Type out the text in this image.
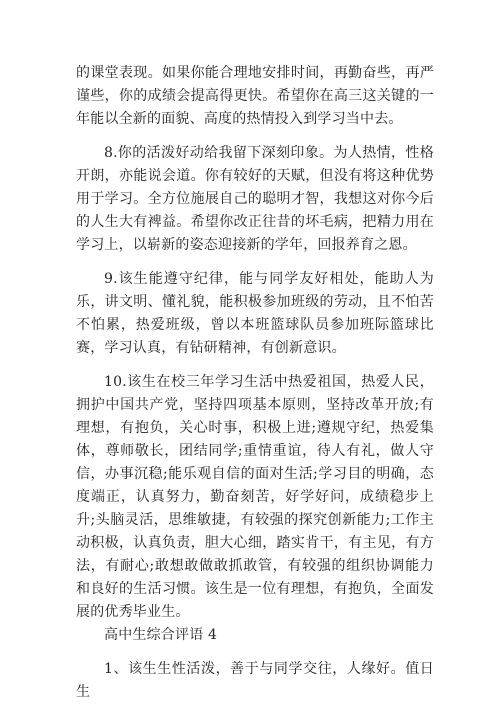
的课堂表现。如果你能合理地安排时间，再勤奋些，再严谨些，你的成绩会提高得更快。希望你在高三这关键的一年能以全新的面貌、高度的热情投入到学习当中去。

8.你的活泼好动给我留下深刻印象。为人热情，性格开朗，亦能说会道。你有较好的天赋，但没有将这种优势用于学习。全方位施展自己的聪明才智，我想这对你今后的人生大有裨益。希望你改正往昔的坏毛病，把精力用在学习上，以崭新的姿态迎接新的学年，回报养育之恩。

9.该生能遵守纪律，能与同学友好相处，能助人为乐，讲文明、懂礼貌，能积极参加班级的劳动，且不怕苦不怕累，热爱班级，曾以本班篮球队员参加班际篮球比赛，学习认真，有钻研精神，有创新意识。

10.该生在校三年学习生活中热爱祖国，热爱人民，拥护中国共产党，坚持四项基本原则，坚持改革开放;有理想，有抱负，关心时事，积极上进;遵规守纪，热爱集体，尊师敬长，团结同学;重情重谊，待人有礼，做人守信，办事沉稳;能乐观自信的面对生活;学习目的明确，态度端正，认真努力，勤奋刻苦，好学好问，成绩稳步上升;头脑灵活，思维敏捷，有较强的探究创新能力;工作主动积极，认真负责，胆大心细，踏实肯干，有主见，有方法，有耐心;敢想敢做敢抓敢管，有较强的组织协调能力和良好的生活习惯。该生是一位有理想，有抱负，全面发展的优秀毕业生。

高中生综合评语 4

1、该生生性活泼，善于与同学交往，人缘好。值日生
